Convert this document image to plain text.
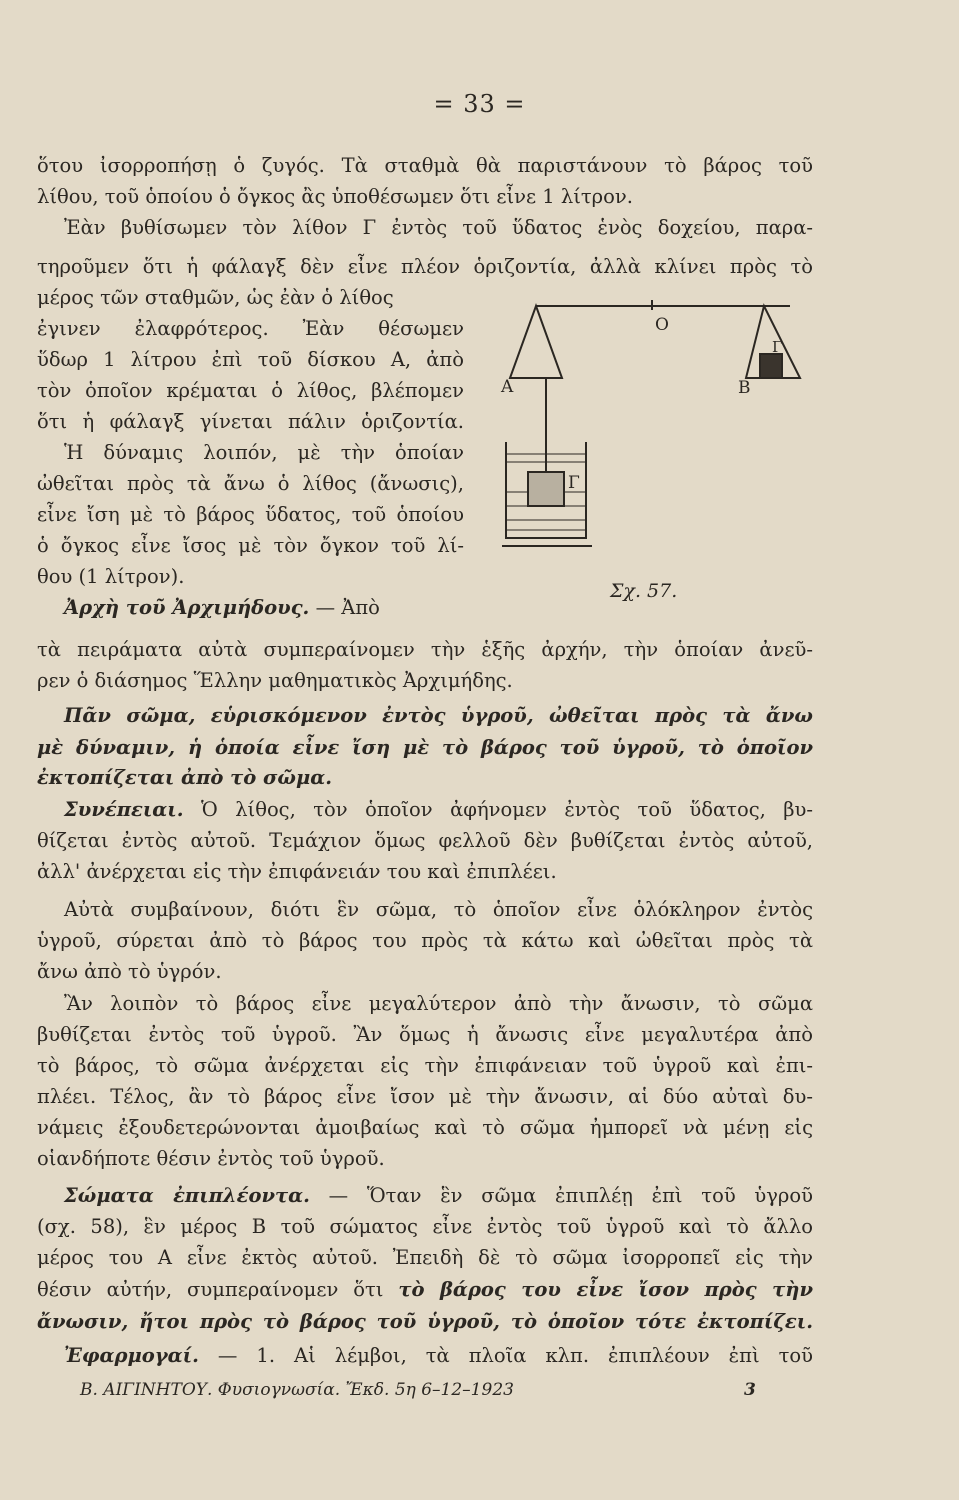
= 33 =
ὅτου ἰσορροπήσῃ ὁ ζυγός. Τὰ σταθμὰ θὰ παριστάνουν τὸ βάρος τοῦ
λίθου, τοῦ ὁποίου ὁ ὄγκος ἂς ὑποθέσωμεν ὅτι εἶνε 1 λίτρον.
Ἐὰν βυθίσωμεν τὸν λίθον Γ ἐντὸς τοῦ ὕδατος ἑνὸς δοχείου, παρα-
τηροῦμεν ὅτι ἡ φάλαγξ δὲν εἶνε πλέον ὁριζοντία, ἀλλὰ κλίνει πρὸς τὸ
μέρος τῶν σταθμῶν, ὡς ἐὰν ὁ λίθος
ἐγινεν ἐλαφρότερος. Ἐὰν θέσωμεν
ὕδωρ 1 λίτρου ἐπὶ τοῦ δίσκου Α, ἀπὸ
τὸν ὁποῖον κρέμαται ὁ λίθος, βλέπομεν
ὅτι ἡ φάλαγξ γίνεται πάλιν ὁριζοντία.
Ἡ δύναμις λοιπόν, μὲ τὴν ὁποίαν
ὠθεῖται πρὸς τὰ ἄνω ὁ λίθος (ἄνωσις),
εἶνε ἴση μὲ τὸ βάρος ὕδατος, τοῦ ὁποίου
ὁ ὄγκος εἶνε ἴσος μὲ τὸν ὄγκον τοῦ λί-
θου (1 λίτρον).
Ἀρχὴ τοῦ Ἀρχιμήδους. — Ἀπὸ
τὰ πειράματα αὐτὰ συμπεραίνομεν τὴν ἑξῆς ἀρχήν, τὴν ὁποίαν ἀνεῦ-
ρεν ὁ διάσημος Ἕλλην μαθηματικὸς Ἀρχιμήδης.
Πᾶν σῶμα, εὑρισκόμενον ἐντὸς ὑγροῦ, ὠθεῖται πρὸς τὰ ἄνω
μὲ δύναμιν, ἡ ὁποία εἶνε ἴση μὲ τὸ βάρος τοῦ ὑγροῦ, τὸ ὁποῖον
ἐκτοπίζεται ἀπὸ τὸ σῶμα.
Συνέπειαι. Ὁ λίθος, τὸν ὁποῖον ἀφήνομεν ἐντὸς τοῦ ὕδατος, βυ-
θίζεται ἐντὸς αὐτοῦ. Τεμάχιον ὅμως φελλοῦ δὲν βυθίζεται ἐντὸς αὐτοῦ,
ἀλλ' ἀνέρχεται εἰς τὴν ἐπιφάνειάν του καὶ ἐπιπλέει.
Αὐτὰ συμβαίνουν, διότι ἓν σῶμα, τὸ ὁποῖον εἶνε ὁλόκληρον ἐντὸς
ὑγροῦ, σύρεται ἀπὸ τὸ βάρος του πρὸς τὰ κάτω καὶ ὠθεῖται πρὸς τὰ
ἄνω ἀπὸ τὸ ὑγρόν.
Ἂν λοιπὸν τὸ βάρος εἶνε μεγαλύτερον ἀπὸ τὴν ἄνωσιν, τὸ σῶμα
βυθίζεται ἐντὸς τοῦ ὑγροῦ. Ἂν ὅμως ἡ ἄνωσις εἶνε μεγαλυτέρα ἀπὸ
τὸ βάρος, τὸ σῶμα ἀνέρχεται εἰς τὴν ἐπιφάνειαν τοῦ ὑγροῦ καὶ ἐπι-
πλέει. Τέλος, ἂν τὸ βάρος εἶνε ἴσον μὲ τὴν ἄνωσιν, αἱ δύο αὐταὶ δυ-
νάμεις ἐξουδετερώνονται ἀμοιβαίως καὶ τὸ σῶμα ἠμπορεῖ νὰ μένῃ εἰς
οἱανδήποτε θέσιν ἐντὸς τοῦ ὑγροῦ.
Σώματα ἐπιπλέοντα. — Ὅταν ἓν σῶμα ἐπιπλέῃ ἐπὶ τοῦ ὑγροῦ
(σχ. 58), ἓν μέρος Β τοῦ σώματος εἶνε ἐντὸς τοῦ ὑγροῦ καὶ τὸ ἄλλο
μέρος του Α εἶνε ἐκτὸς αὐτοῦ. Ἐπειδὴ δὲ τὸ σῶμα ἰσορροπεῖ εἰς τὴν
θέσιν αὐτήν, συμπεραίνομεν ὅτι τὸ βάρος του εἶνε ἴσον πρὸς τὴν
ἄνωσιν, ἤτοι πρὸς τὸ βάρος τοῦ ὑγροῦ, τὸ ὁποῖον τότε ἐκτοπίζει.
Ἐφαρμογαί. — 1. Αἱ λέμβοι, τὰ πλοῖα κλπ. ἐπιπλέουν ἐπὶ τοῦ
O
A	B
Γ
Γ
Σχ. 57.
Β. ΑΙΓΙΝΗΤΟΥ. Φυσιογνωσία. Ἔκδ. 5η 6–12–1923	3
